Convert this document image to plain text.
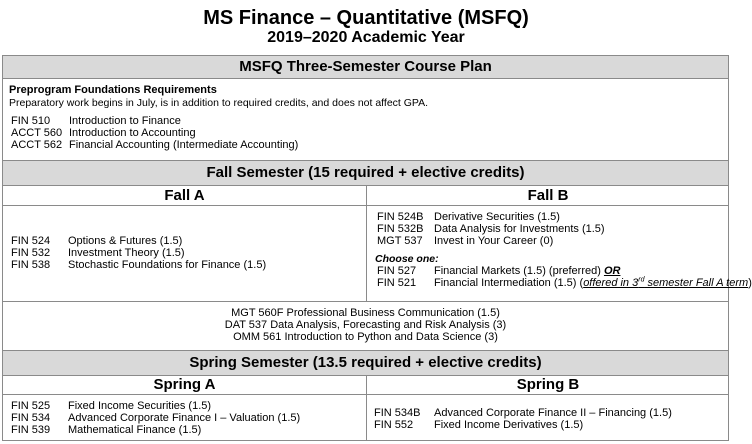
MS Finance – Quantitative (MSFQ)
2019–2020 Academic Year
MSFQ Three-Semester Course Plan
Preprogram Foundations Requirements
Preparatory work begins in July, is in addition to required credits, and does not affect GPA.
FIN 510 Introduction to Finance
ACCT 560 Introduction to Accounting
ACCT 562 Financial Accounting (Intermediate Accounting)
Fall Semester (15 required + elective credits)
Fall A	Fall B
FIN 524 Options & Futures (1.5)
FIN 532 Investment Theory (1.5)
FIN 538 Stochastic Foundations for Finance (1.5)
FIN 524B Derivative Securities (1.5)
FIN 532B Data Analysis for Investments (1.5)
MGT 537 Invest in Your Career (0)
Choose one:
FIN 527 Financial Markets (1.5) (preferred) OR
FIN 521 Financial Intermediation (1.5) (offered in 3rd semester Fall A term)
MGT 560F Professional Business Communication (1.5)
DAT 537 Data Analysis, Forecasting and Risk Analysis (3)
OMM 561 Introduction to Python and Data Science (3)
Spring Semester (13.5 required + elective credits)
Spring A	Spring B
FIN 525 Fixed Income Securities (1.5)
FIN 534 Advanced Corporate Finance I – Valuation (1.5)
FIN 539 Mathematical Finance (1.5)
FIN 534B Advanced Corporate Finance II – Financing (1.5)
FIN 552 Fixed Income Derivatives (1.5)
